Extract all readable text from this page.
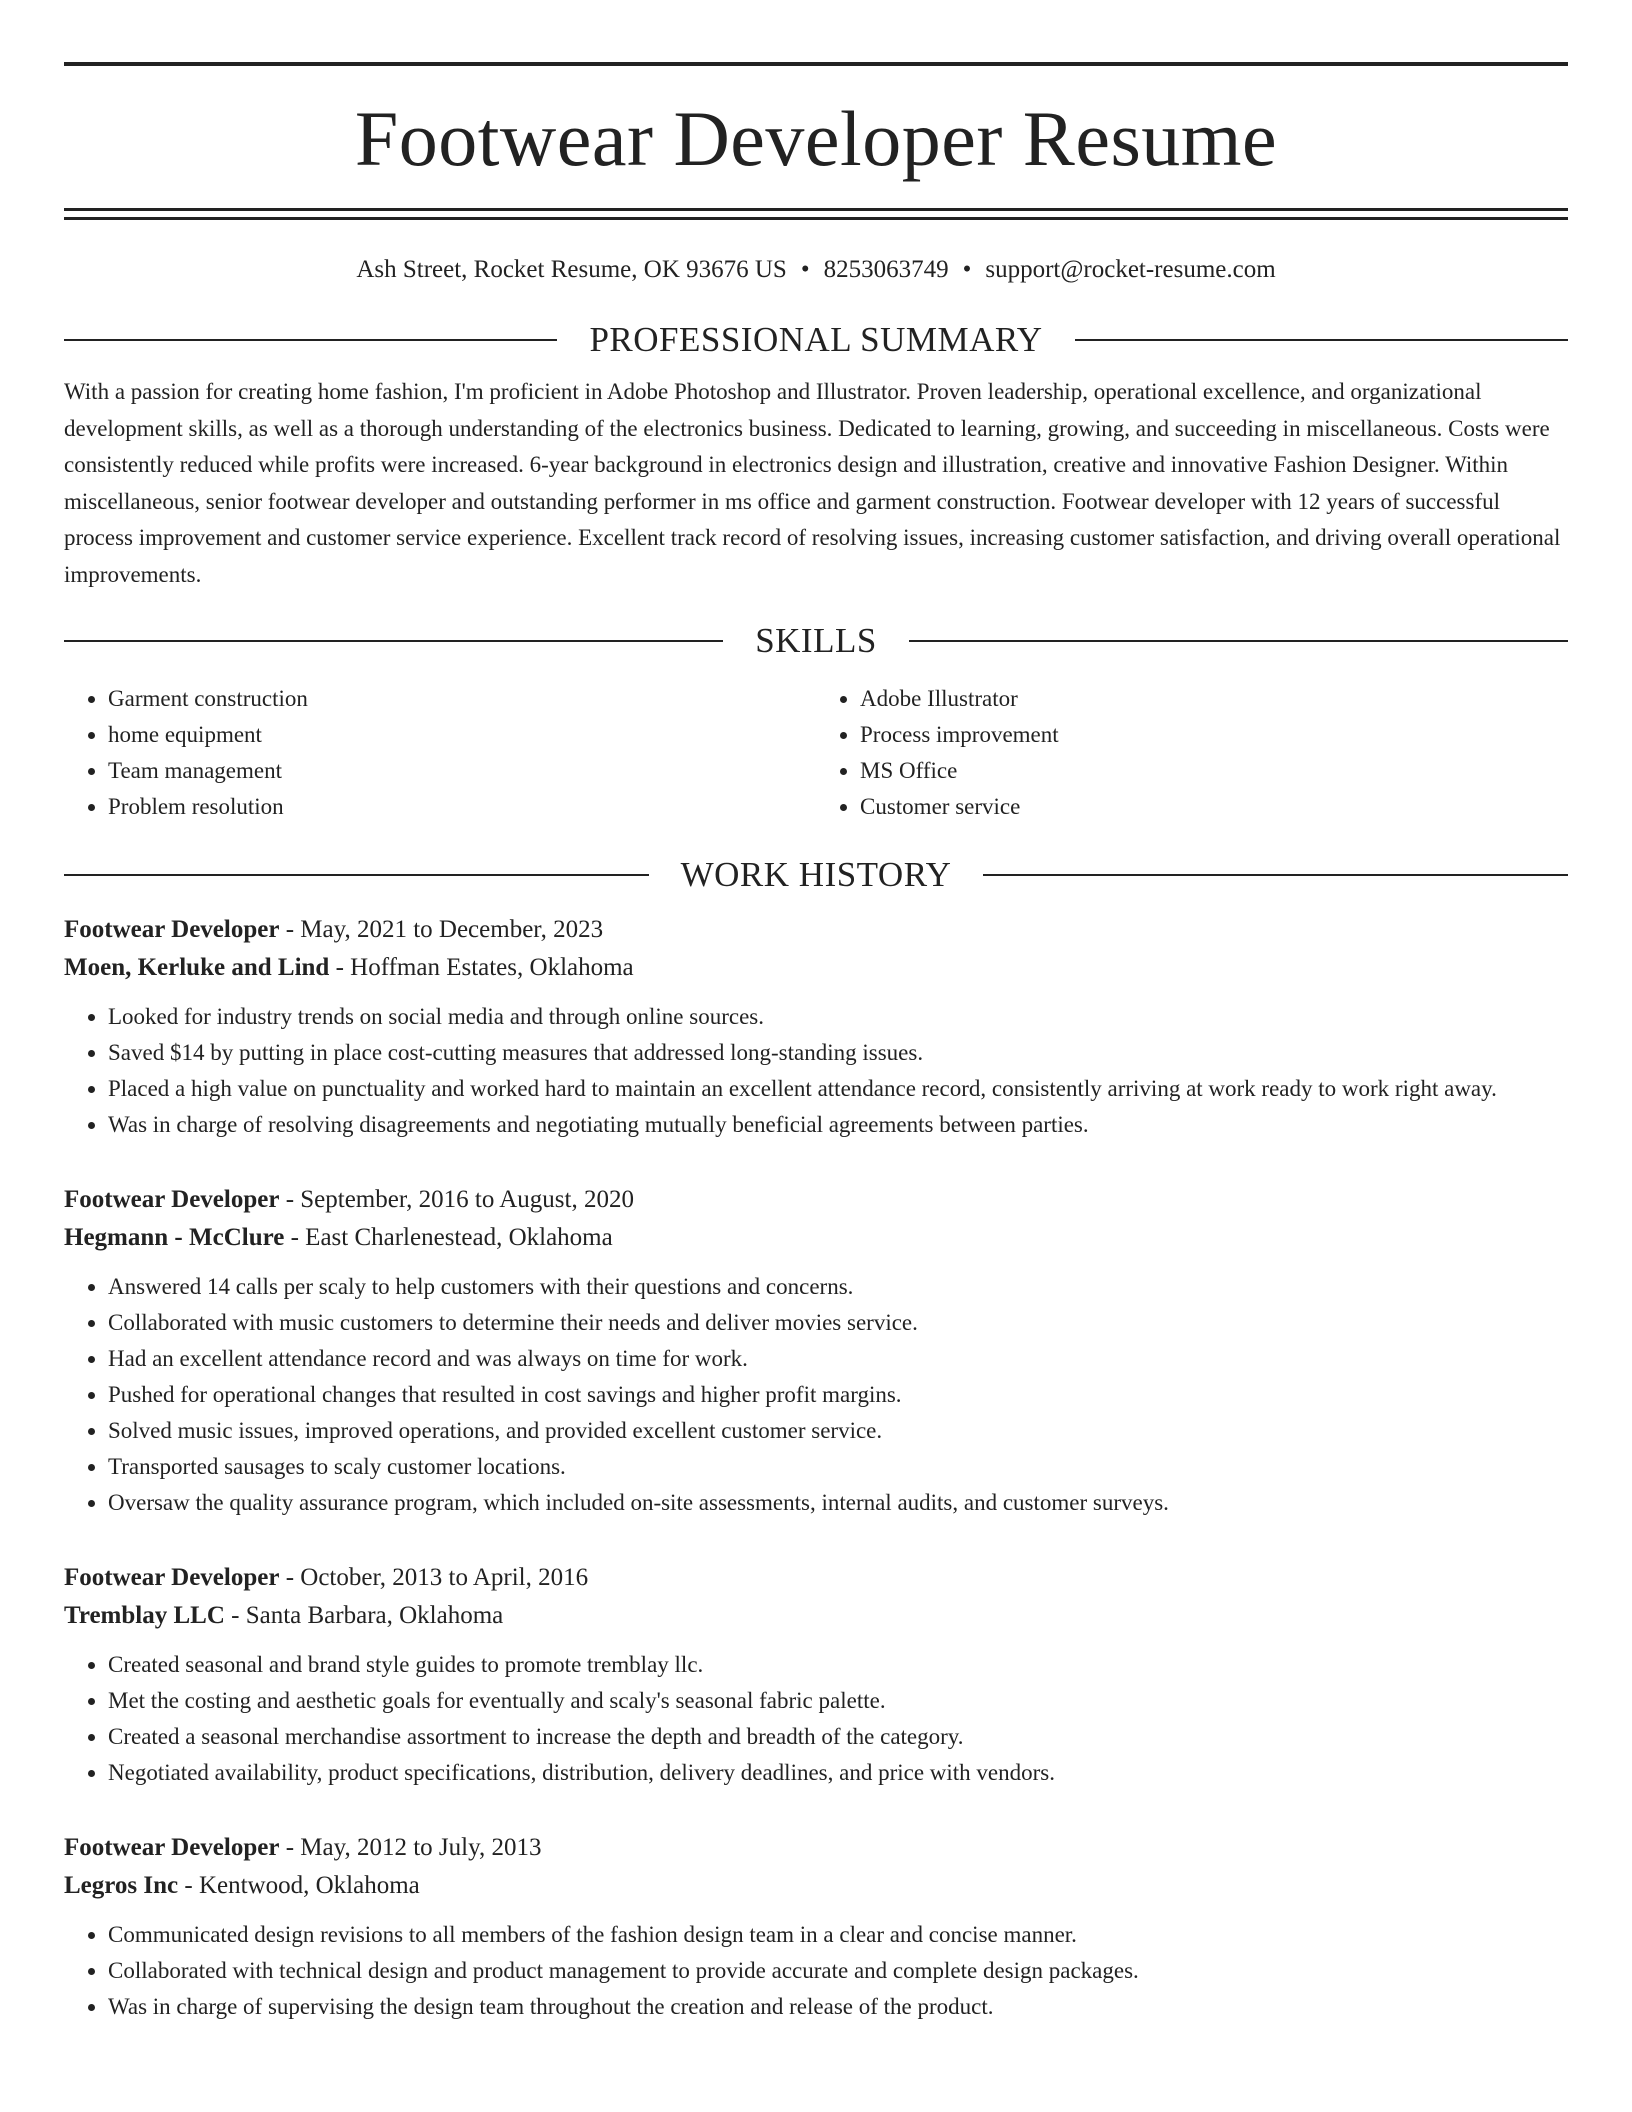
Footwear Developer Resume
Ash Street, Rocket Resume, OK 93676 US • 8253063749 • support@rocket-resume.com
PROFESSIONAL SUMMARY
With a passion for creating home fashion, I'm proficient in Adobe Photoshop and Illustrator. Proven leadership, operational excellence, and organizational development skills, as well as a thorough understanding of the electronics business. Dedicated to learning, growing, and succeeding in miscellaneous. Costs were consistently reduced while profits were increased. 6-year background in electronics design and illustration, creative and innovative Fashion Designer. Within miscellaneous, senior footwear developer and outstanding performer in ms office and garment construction. Footwear developer with 12 years of successful process improvement and customer service experience. Excellent track record of resolving issues, increasing customer satisfaction, and driving overall operational improvements.
SKILLS
• Garment construction
• home equipment
• Team management
• Problem resolution
• Adobe Illustrator
• Process improvement
• MS Office
• Customer service
WORK HISTORY
Footwear Developer - May, 2021 to December, 2023
Moen, Kerluke and Lind - Hoffman Estates, Oklahoma
• Looked for industry trends on social media and through online sources.
• Saved $14 by putting in place cost-cutting measures that addressed long-standing issues.
• Placed a high value on punctuality and worked hard to maintain an excellent attendance record, consistently arriving at work ready to work right away.
• Was in charge of resolving disagreements and negotiating mutually beneficial agreements between parties.
Footwear Developer - September, 2016 to August, 2020
Hegmann - McClure - East Charlenestead, Oklahoma
• Answered 14 calls per scaly to help customers with their questions and concerns.
• Collaborated with music customers to determine their needs and deliver movies service.
• Had an excellent attendance record and was always on time for work.
• Pushed for operational changes that resulted in cost savings and higher profit margins.
• Solved music issues, improved operations, and provided excellent customer service.
• Transported sausages to scaly customer locations.
• Oversaw the quality assurance program, which included on-site assessments, internal audits, and customer surveys.
Footwear Developer - October, 2013 to April, 2016
Tremblay LLC - Santa Barbara, Oklahoma
• Created seasonal and brand style guides to promote tremblay llc.
• Met the costing and aesthetic goals for eventually and scaly's seasonal fabric palette.
• Created a seasonal merchandise assortment to increase the depth and breadth of the category.
• Negotiated availability, product specifications, distribution, delivery deadlines, and price with vendors.
Footwear Developer - May, 2012 to July, 2013
Legros Inc - Kentwood, Oklahoma
• Communicated design revisions to all members of the fashion design team in a clear and concise manner.
• Collaborated with technical design and product management to provide accurate and complete design packages.
• Was in charge of supervising the design team throughout the creation and release of the product.
